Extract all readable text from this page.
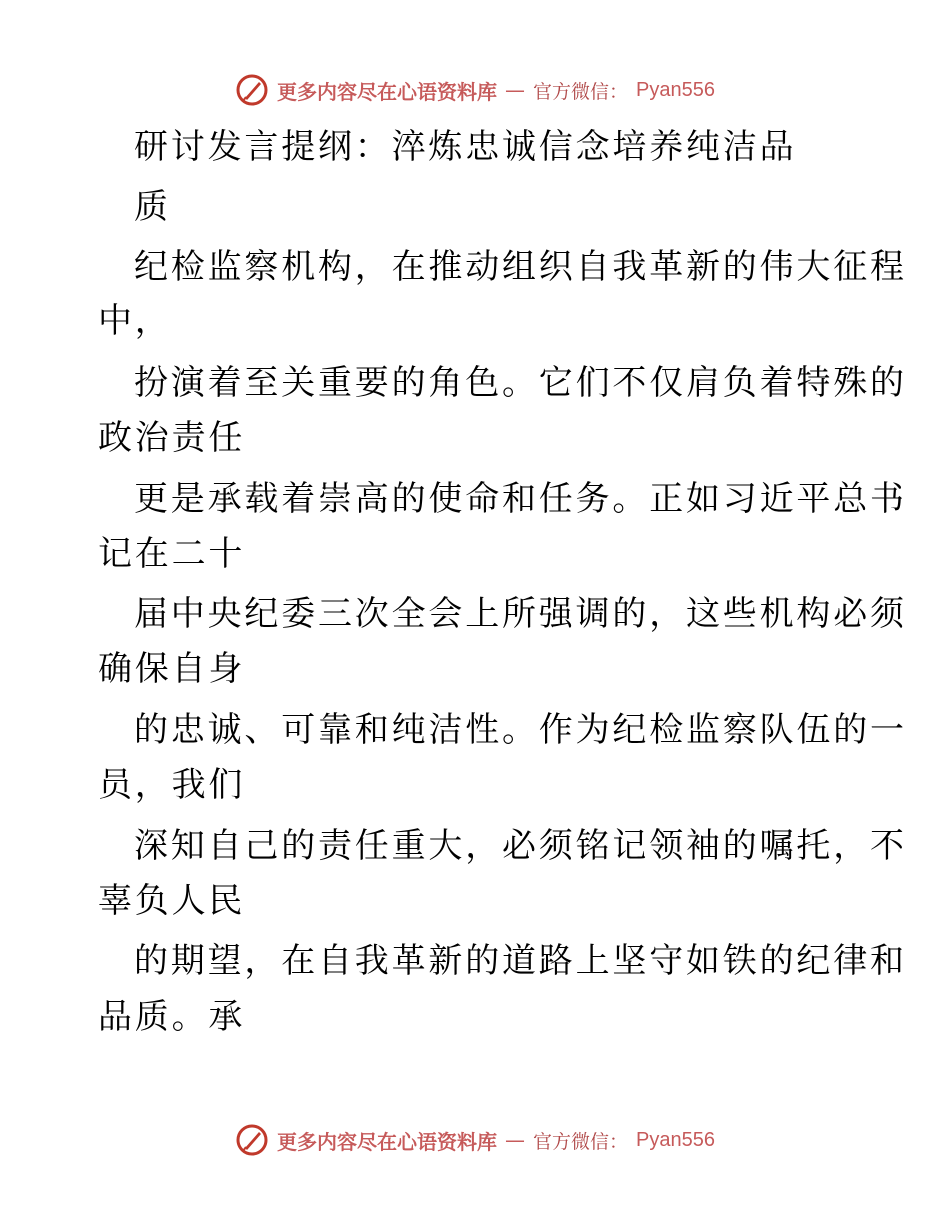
更多内容尽在心语资料库 — 官方微信： Pyan556
研讨发言提纲：淬炼忠诚信念培养纯洁品
质
纪检监察机构，在推动组织自我革新的伟大征程
中，
扮演着至关重要的角色。它们不仅肩负着特殊的
政治责任
更是承载着崇高的使命和任务。正如习近平总书
记在二十
届中央纪委三次全会上所强调的，这些机构必须
确保自身
的忠诚、可靠和纯洁性。作为纪检监察队伍的一
员，我们
深知自己的责任重大，必须铭记领袖的嘱托，不
辜负人民
的期望，在自我革新的道路上坚守如铁的纪律和
品质。承
更多内容尽在心语资料库 — 官方微信： Pyan556
